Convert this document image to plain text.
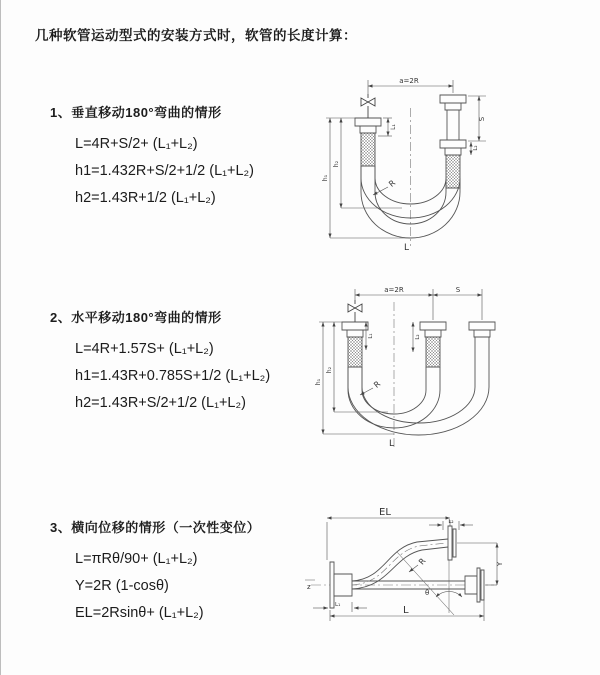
几种软管运动型式的安装方式时，软管的长度计算：
1、垂直移动180°弯曲的情形
L=4R+S/2+ (L₁+L₂)
h1=1.432R+S/2+1/2 (L₁+L₂)
h2=1.43R+1/2 (L₁+L₂)
a=2R
S
L₁
L₂
h₁
h₂
R
L
2、水平移动180°弯曲的情形
L=4R+1.57S+ (L₁+L₂)
h1=1.43R+0.785S+1/2 (L₁+L₂)
h2=1.43R+S/2+1/2 (L₁+L₂)
a=2R	S
L₁	L₂
h₁
h₂
R
L
3、横向位移的情形（一次性变位）
L=πRθ/90+ (L₁+L₂)
Y=2R (1-cosθ)
EL=2Rsinθ+ (L₁+L₂)
z
EL
L₂
Y
R
θ
L
L₁
